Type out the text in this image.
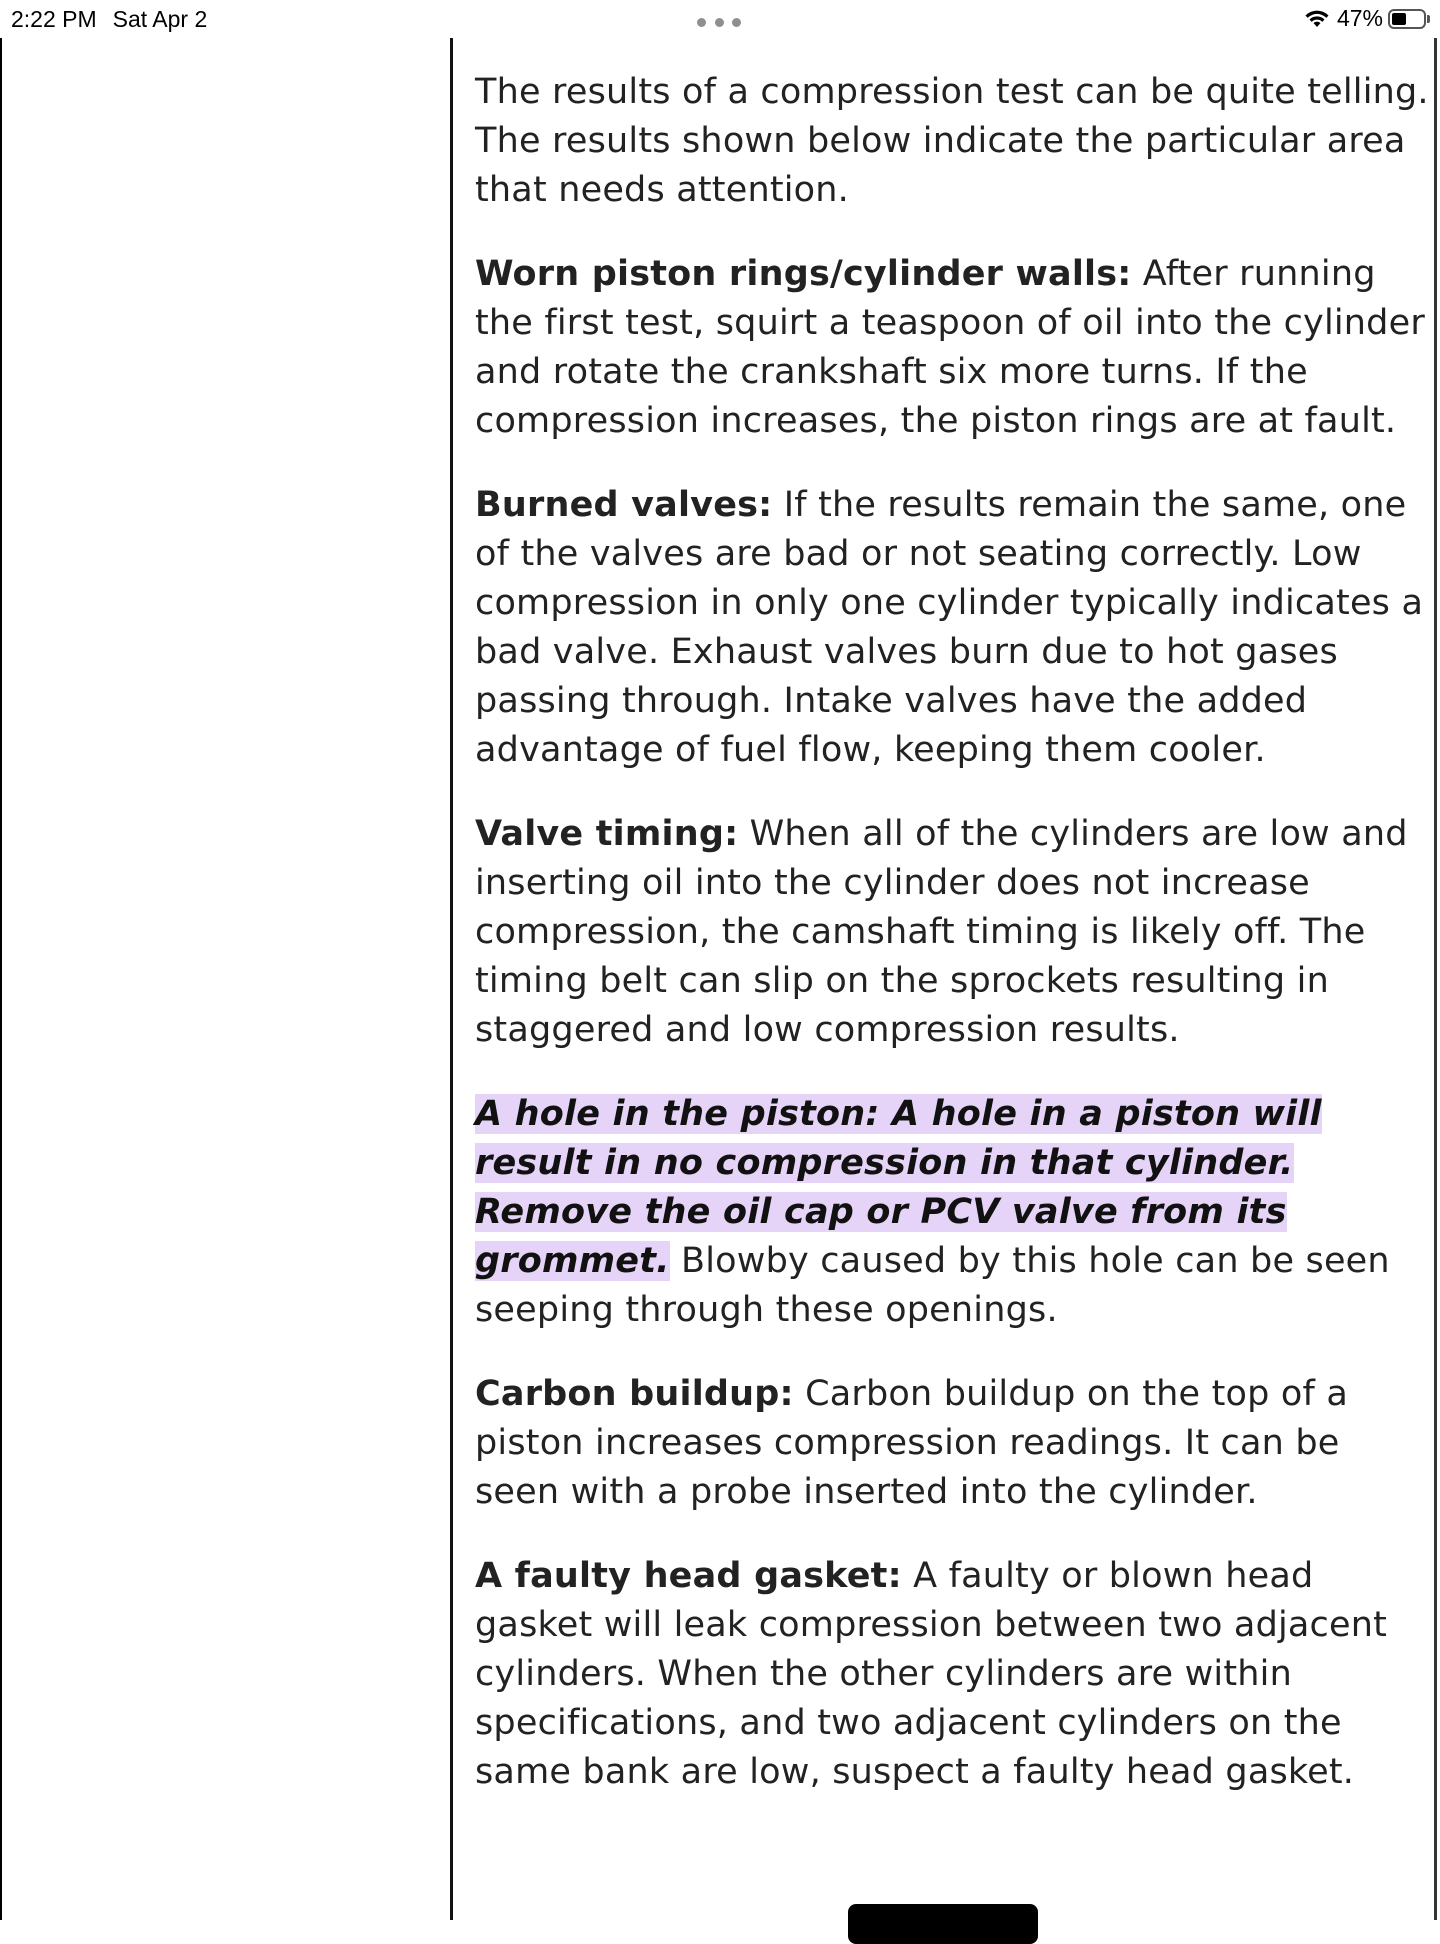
2:22 PM Sat Apr 2	47%

The results of a compression test can be quite telling. The results shown below indicate the particular area that needs attention.

Worn piston rings/cylinder walls: After running the first test, squirt a teaspoon of oil into the cylinder and rotate the crankshaft six more turns. If the compression increases, the piston rings are at fault.

Burned valves: If the results remain the same, one of the valves are bad or not seating correctly. Low compression in only one cylinder typically indicates a bad valve. Exhaust valves burn due to hot gases passing through. Intake valves have the added advantage of fuel flow, keeping them cooler.

Valve timing: When all of the cylinders are low and inserting oil into the cylinder does not increase compression, the camshaft timing is likely off. The timing belt can slip on the sprockets resulting in staggered and low compression results.

A hole in the piston: A hole in a piston will result in no compression in that cylinder. Remove the oil cap or PCV valve from its grommet. Blowby caused by this hole can be seen seeping through these openings.

Carbon buildup: Carbon buildup on the top of a piston increases compression readings. It can be seen with a probe inserted into the cylinder.

A faulty head gasket: A faulty or blown head gasket will leak compression between two adjacent cylinders. When the other cylinders are within specifications, and two adjacent cylinders on the same bank are low, suspect a faulty head gasket.
